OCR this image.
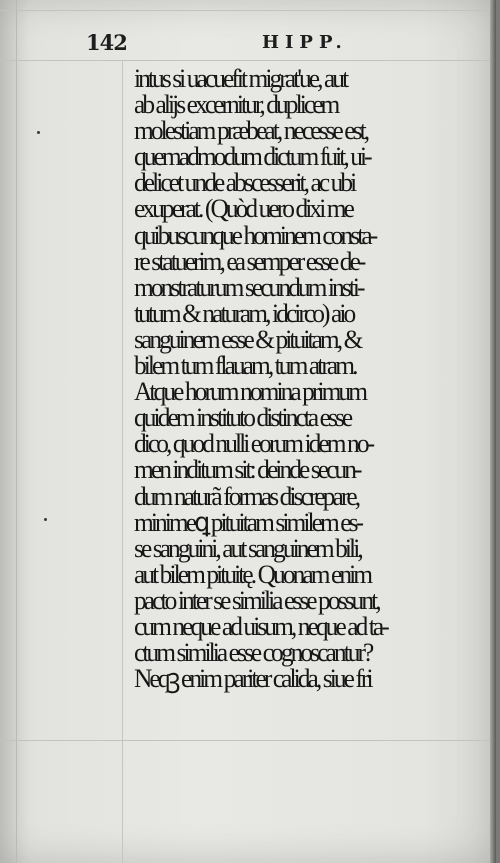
142	HIPP.
intus si uacuefit migrat'ue, aut
ab aliјs excernitur, duplicem
molestiam præbeat, necesse est,
quemadmodum dictum fuit, ui-
delicet unde abscesserit, ac ubi
exuperat. (Quòd uero dixi me
quibuscunque hominem consta-
re statuerim, ea semper esse de-
monstraturum secundum insti-
tutum & naturam, idcirco) aio
sanguinem esse & pituitam, &
bilem tum flauam, tum atram.
Atque horum nomina primum
quidem instituto distincta esse
dico, quod nulli eorum idem no-
men inditum sit: deinde secun-
dum naturã formas discrepare,
minimeꝗ pituitam similem es-
se sanguini, aut sanguinem bili,
aut bilem pituitę. Quonam enim
pacto inter se similia esse possunt,
cum neque ad uisum, neque ad ta-
ctum similia esse cognoscantur?
Neqꝫ enim pariter calida, siue fri
